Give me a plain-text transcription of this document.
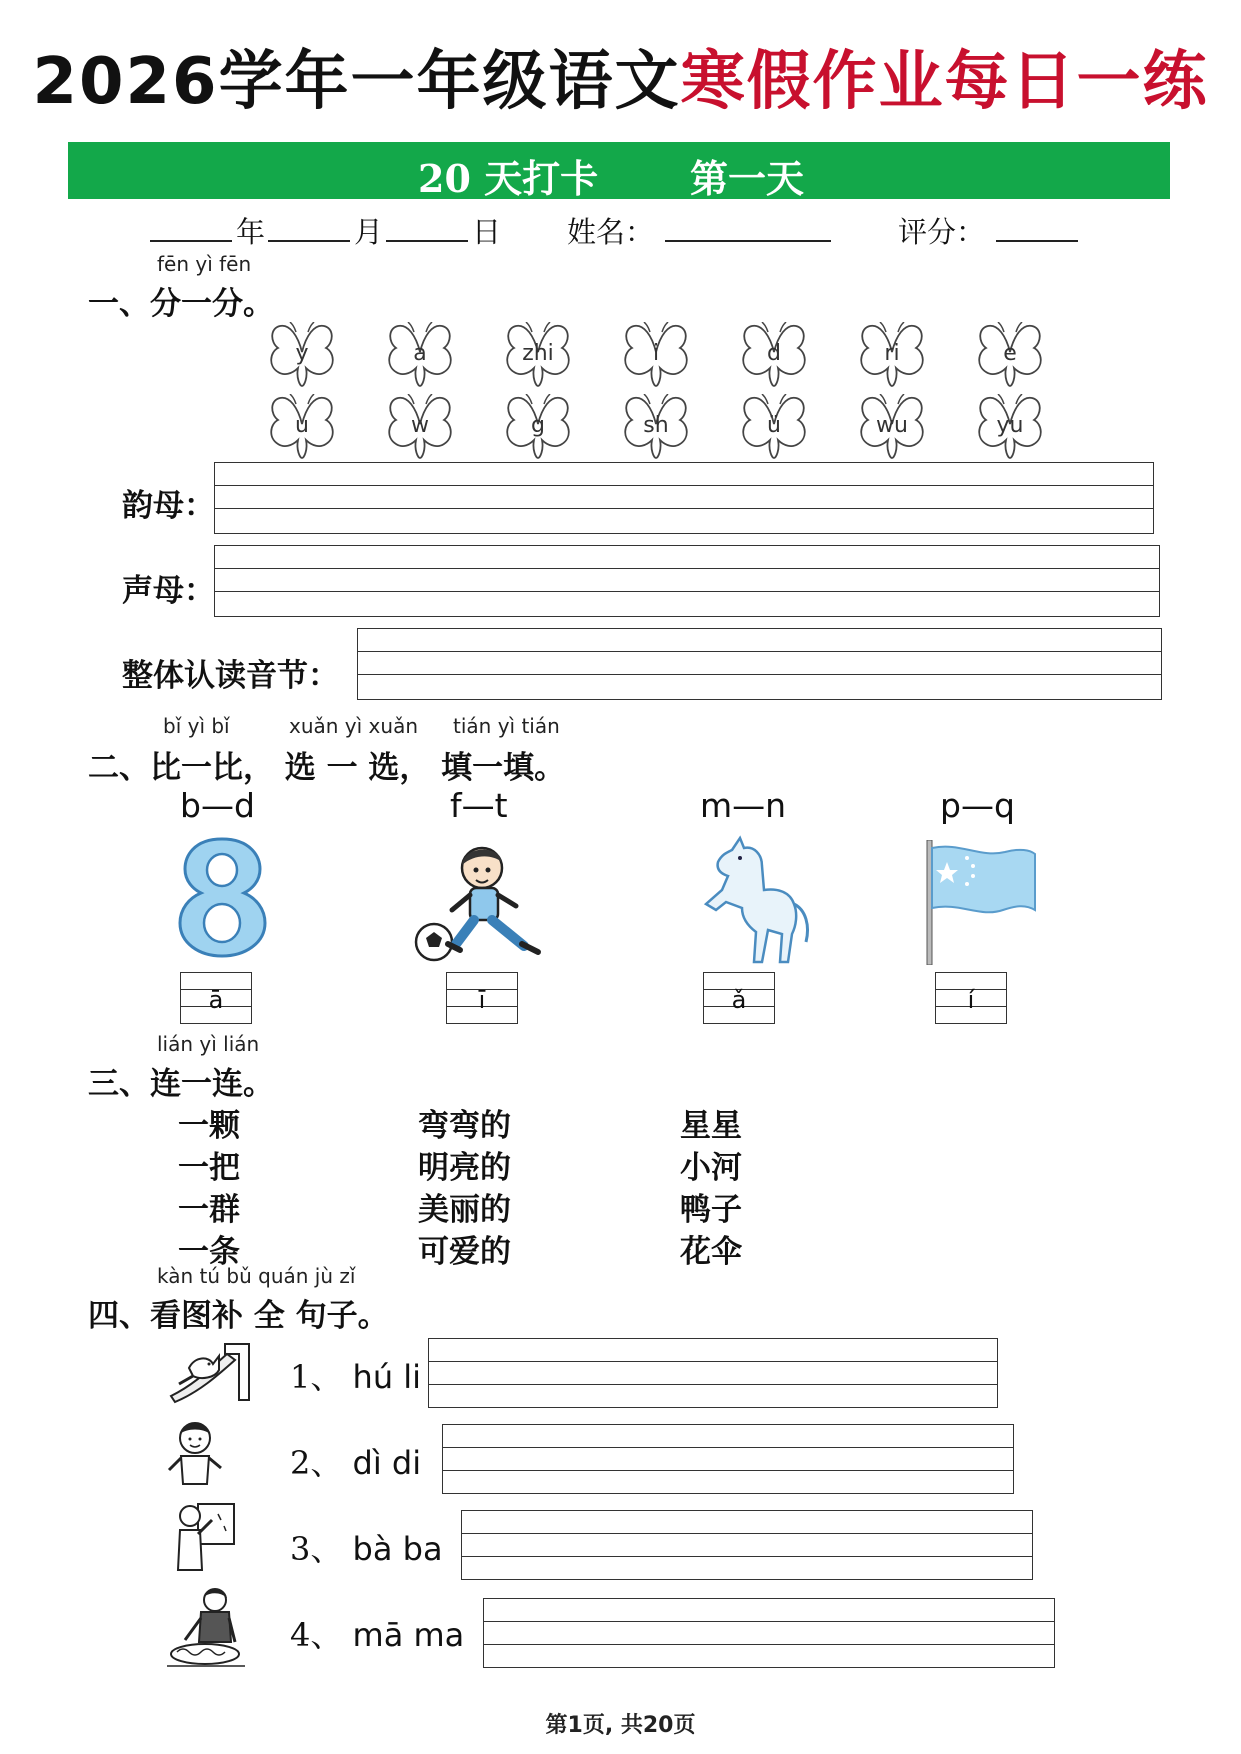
2026学年一年级语文寒假作业每日一练
20 天打卡 第一天
年	月	日 姓名：	评分：
fēn yì fēn
一、分一分。
y	a	zhi	i	d	ri	e
u	w	g	sh	ü	wu	yu
韵母：
声母：
整体认读音节：
bǐ yì bǐ	xuǎn yì xuǎn tián yì tián
二、比一比， 选 一 选， 填一填。
b—d	f—t	m—n	p—q
ā	ī	ǎ	í
lián yì lián
三、连一连。
一颗
一把
一群
一条
弯弯的
明亮的
美丽的
可爱的
星星
小河
鸭子
花伞
kàn tú bǔ quán jù zǐ
四、看图补 全 句子。
1、 hú li
2、 dì di
3、 bà ba
4、 mā ma
第1页, 共20页
